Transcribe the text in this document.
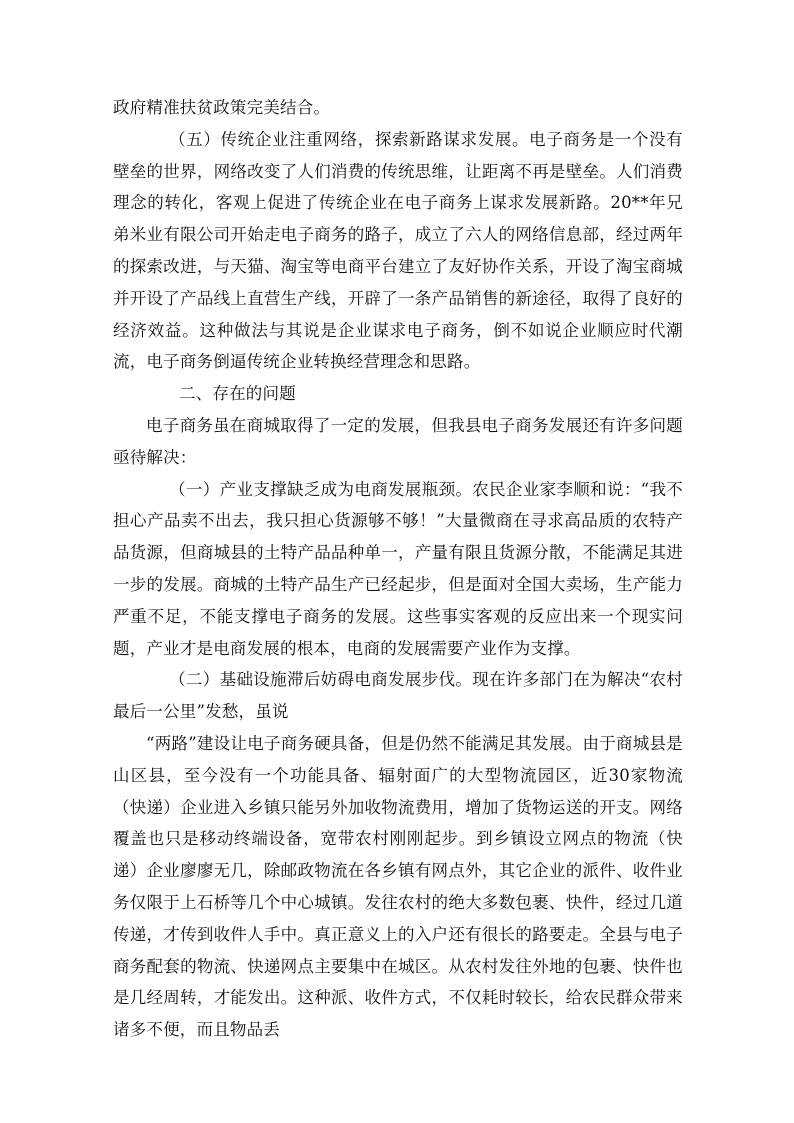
政府精准扶贫政策完美结合。

（五）传统企业注重网络，探索新路谋求发展。电子商务是一个没有壁垒的世界，网络改变了人们消费的传统思维，让距离不再是壁垒。人们消费理念的转化，客观上促进了传统企业在电子商务上谋求发展新路。20**年兄弟米业有限公司开始走电子商务的路子，成立了六人的网络信息部，经过两年的探索改进，与天猫、淘宝等电商平台建立了友好协作关系，开设了淘宝商城并开设了产品线上直营生产线，开辟了一条产品销售的新途径，取得了良好的经济效益。这种做法与其说是企业谋求电子商务，倒不如说企业顺应时代潮流，电子商务倒逼传统企业转换经营理念和思路。

二、存在的问题

电子商务虽在商城取得了一定的发展，但我县电子商务发展还有许多问题亟待解决：

（一）产业支撑缺乏成为电商发展瓶颈。农民企业家李顺和说：“我不担心产品卖不出去，我只担心货源够不够！”大量微商在寻求高品质的农特产品货源，但商城县的土特产品品种单一，产量有限且货源分散，不能满足其进一步的发展。商城的土特产品生产已经起步，但是面对全国大卖场，生产能力严重不足，不能支撑电子商务的发展。这些事实客观的反应出来一个现实问题，产业才是电商发展的根本，电商的发展需要产业作为支撑。

（二）基础设施滞后妨碍电商发展步伐。现在许多部门在为解决“农村最后一公里”发愁，虽说

“两路”建设让电子商务硬具备，但是仍然不能满足其发展。由于商城县是山区县，至今没有一个功能具备、辐射面广的大型物流园区，近30家物流（快递）企业进入乡镇只能另外加收物流费用，增加了货物运送的开支。网络覆盖也只是移动终端设备，宽带农村刚刚起步。到乡镇设立网点的物流（快递）企业廖廖无几，除邮政物流在各乡镇有网点外，其它企业的派件、收件业务仅限于上石桥等几个中心城镇。发往农村的绝大多数包裹、快件，经过几道传递，才传到收件人手中。真正意义上的入户还有很长的路要走。全县与电子商务配套的物流、快递网点主要集中在城区。从农村发往外地的包裹、快件也是几经周转，才能发出。这种派、收件方式，不仅耗时较长，给农民群众带来诸多不便，而且物品丢
